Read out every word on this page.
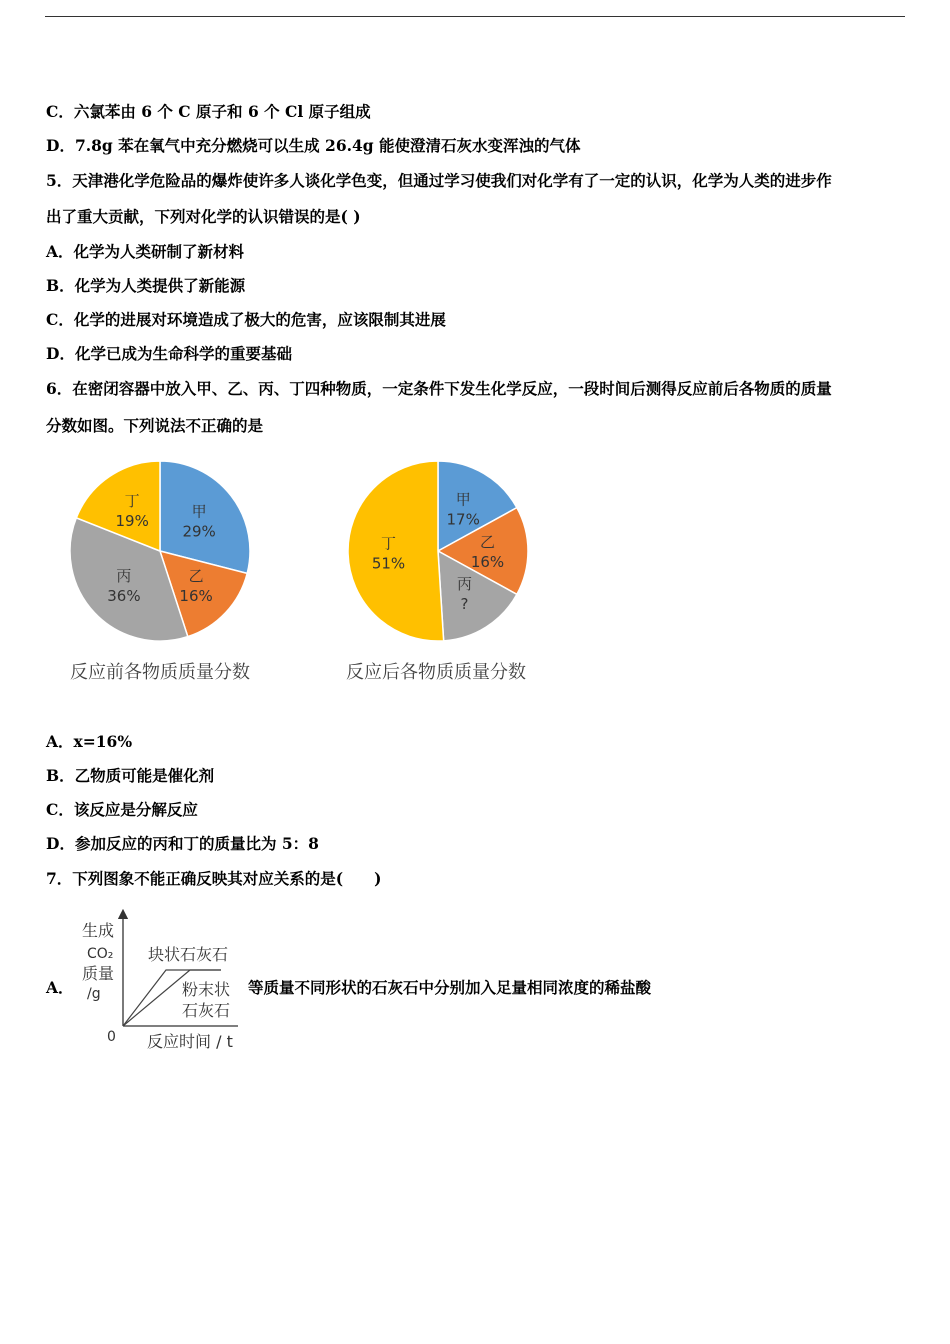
C．六氯苯由 6 个 C 原子和 6 个 Cl 原子组成
D．7.8g 苯在氧气中充分燃烧可以生成 26.4g 能使澄清石灰水变浑浊的气体
5．天津港化学危险品的爆炸使许多人谈化学色变，但通过学习使我们对化学有了一定的认识，化学为人类的进步作
出了重大贡献，下列对化学的认识错误的是( )
A．化学为人类研制了新材料
B．化学为人类提供了新能源
C．化学的进展对环境造成了极大的危害，应该限制其进展
D．化学已成为生命科学的重要基础
6．在密闭容器中放入甲、乙、丙、丁四种物质，一定条件下发生化学反应，一段时间后测得反应前后各物质的质量
分数如图。下列说法不正确的是
甲
29%
乙
16%
丙
36%
丁
19%
反应前各物质质量分数
甲
17%
乙
16%
丙
?
丁
51%
反应后各物质质量分数
A．x=16%
B．乙物质可能是催化剂
C．该反应是分解反应
D．参加反应的丙和丁的质量比为 5：8
7．下列图象不能正确反映其对应关系的是(　　)
A．
生成
CO₂
质量
/g
0 反应时间 / t
块状石灰石
粉末状
石灰石
等质量不同形状的石灰石中分别加入足量相同浓度的稀盐酸
